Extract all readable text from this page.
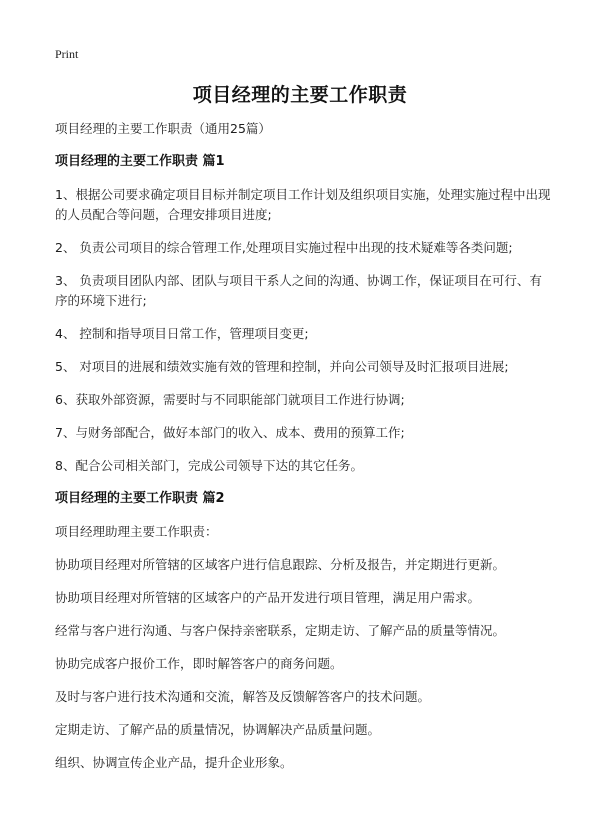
Print
项目经理的主要工作职责

项目经理的主要工作职责（通用25篇）

项目经理的主要工作职责 篇1

1、根据公司要求确定项目目标并制定项目工作计划及组织项目实施，处理实施过程中出现的人员配合等问题，合理安排项目进度;

2、 负责公司项目的综合管理工作,处理项目实施过程中出现的技术疑难等各类问题;

3、 负责项目团队内部、团队与项目干系人之间的沟通、协调工作，保证项目在可行、有序的环境下进行;

4、 控制和指导项目日常工作，管理项目变更;

5、 对项目的进展和绩效实施有效的管理和控制，并向公司领导及时汇报项目进展;

6、获取外部资源，需要时与不同职能部门就项目工作进行协调;

7、与财务部配合，做好本部门的收入、成本、费用的预算工作;

8、配合公司相关部门，完成公司领导下达的其它任务。

项目经理的主要工作职责 篇2

项目经理助理主要工作职责：

协助项目经理对所管辖的区域客户进行信息跟踪、分析及报告，并定期进行更新。

协助项目经理对所管辖的区域客户的产品开发进行项目管理，满足用户需求。

经常与客户进行沟通、与客户保持亲密联系，定期走访、了解产品的质量等情况。

协助完成客户报价工作，即时解答客户的商务问题。

及时与客户进行技术沟通和交流，解答及反馈解答客户的技术问题。

定期走访、了解产品的质量情况，协调解决产品质量问题。

组织、协调宣传企业产品，提升企业形象。
